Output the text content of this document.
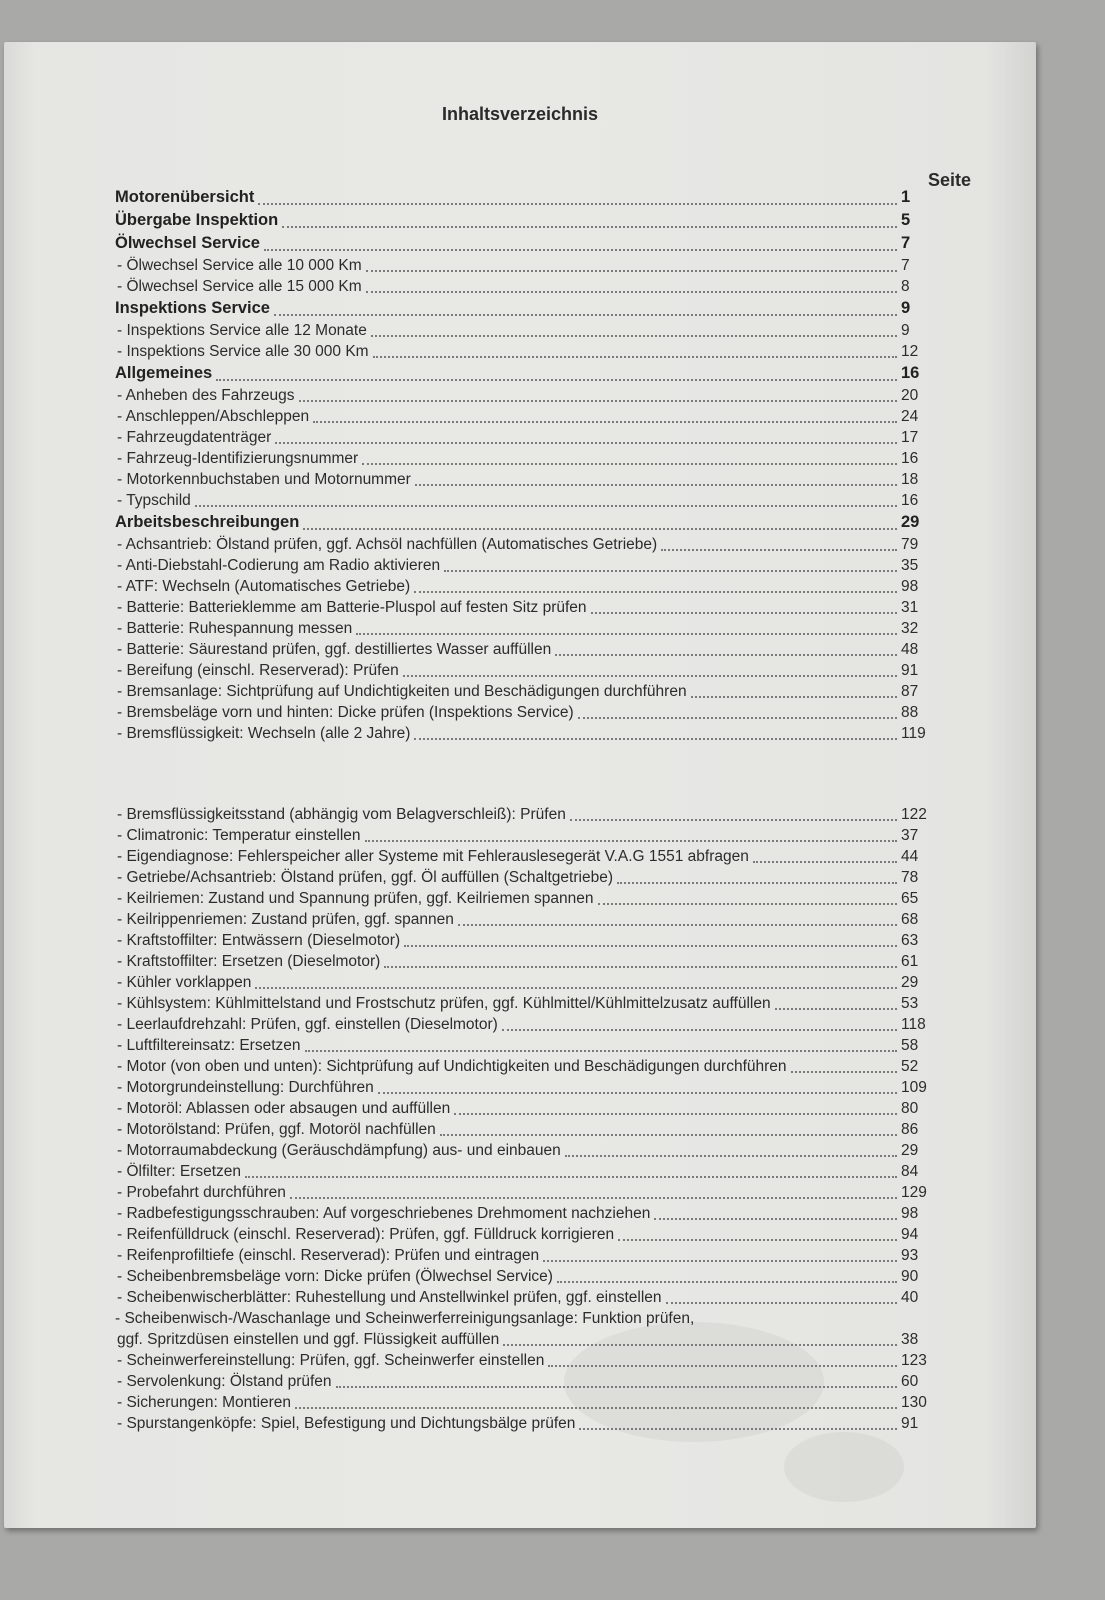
Inhaltsverzeichnis
Seite
Motorenübersicht	1
Übergabe Inspektion	5
Ölwechsel Service	7
- Ölwechsel Service alle 10 000 Km	7
- Ölwechsel Service alle 15 000 Km	8
Inspektions Service	9
- Inspektions Service alle 12 Monate	9
- Inspektions Service alle 30 000 Km	12
Allgemeines	16
- Anheben des Fahrzeugs	20
- Anschleppen/Abschleppen	24
- Fahrzeugdatenträger	17
- Fahrzeug-Identifizierungsnummer	16
- Motorkennbuchstaben und Motornummer	18
- Typschild	16
Arbeitsbeschreibungen	29
- Achsantrieb: Ölstand prüfen, ggf. Achsöl nachfüllen (Automatisches Getriebe)	79
- Anti-Diebstahl-Codierung am Radio aktivieren	35
- ATF: Wechseln (Automatisches Getriebe)	98
- Batterie: Batterieklemme am Batterie-Pluspol auf festen Sitz prüfen	31
- Batterie: Ruhespannung messen	32
- Batterie: Säurestand prüfen, ggf. destilliertes Wasser auffüllen	48
- Bereifung (einschl. Reserverad): Prüfen	91
- Bremsanlage: Sichtprüfung auf Undichtigkeiten und Beschädigungen durchführen	87
- Bremsbeläge vorn und hinten: Dicke prüfen (Inspektions Service)	88
- Bremsflüssigkeit: Wechseln (alle 2 Jahre)	119
- Bremsflüssigkeitsstand (abhängig vom Belagverschleiß): Prüfen	122
- Climatronic: Temperatur einstellen	37
- Eigendiagnose: Fehlerspeicher aller Systeme mit Fehlerauslesegerät V.A.G 1551 abfragen	44
- Getriebe/Achsantrieb: Ölstand prüfen, ggf. Öl auffüllen (Schaltgetriebe)	78
- Keilriemen: Zustand und Spannung prüfen, ggf. Keilriemen spannen	65
- Keilrippenriemen: Zustand prüfen, ggf. spannen	68
- Kraftstoffilter: Entwässern (Dieselmotor)	63
- Kraftstoffilter: Ersetzen (Dieselmotor)	61
- Kühler vorklappen	29
- Kühlsystem: Kühlmittelstand und Frostschutz prüfen, ggf. Kühlmittel/Kühlmittelzusatz auffüllen	53
- Leerlaufdrehzahl: Prüfen, ggf. einstellen (Dieselmotor)	118
- Luftfiltereinsatz: Ersetzen	58
- Motor (von oben und unten): Sichtprüfung auf Undichtigkeiten und Beschädigungen durchführen	52
- Motorgrundeinstellung: Durchführen	109
- Motoröl: Ablassen oder absaugen und auffüllen	80
- Motorölstand: Prüfen, ggf. Motoröl nachfüllen	86
- Motorraumabdeckung (Geräuschdämpfung) aus- und einbauen	29
- Ölfilter: Ersetzen	84
- Probefahrt durchführen	129
- Radbefestigungsschrauben: Auf vorgeschriebenes Drehmoment nachziehen	98
- Reifenfülldruck (einschl. Reserverad): Prüfen, ggf. Fülldruck korrigieren	94
- Reifenprofiltiefe (einschl. Reserverad): Prüfen und eintragen	93
- Scheibenbremsbeläge vorn: Dicke prüfen (Ölwechsel Service)	90
- Scheibenwischerblätter: Ruhestellung und Anstellwinkel prüfen, ggf. einstellen	40
- Scheibenwisch-/Waschanlage und Scheinwerferreinigungsanlage: Funktion prüfen,
ggf. Spritzdüsen einstellen und ggf. Flüssigkeit auffüllen	38
- Scheinwerfereinstellung: Prüfen, ggf. Scheinwerfer einstellen	123
- Servolenkung: Ölstand prüfen	60
- Sicherungen: Montieren	130
- Spurstangenköpfe: Spiel, Befestigung und Dichtungsbälge prüfen	91
